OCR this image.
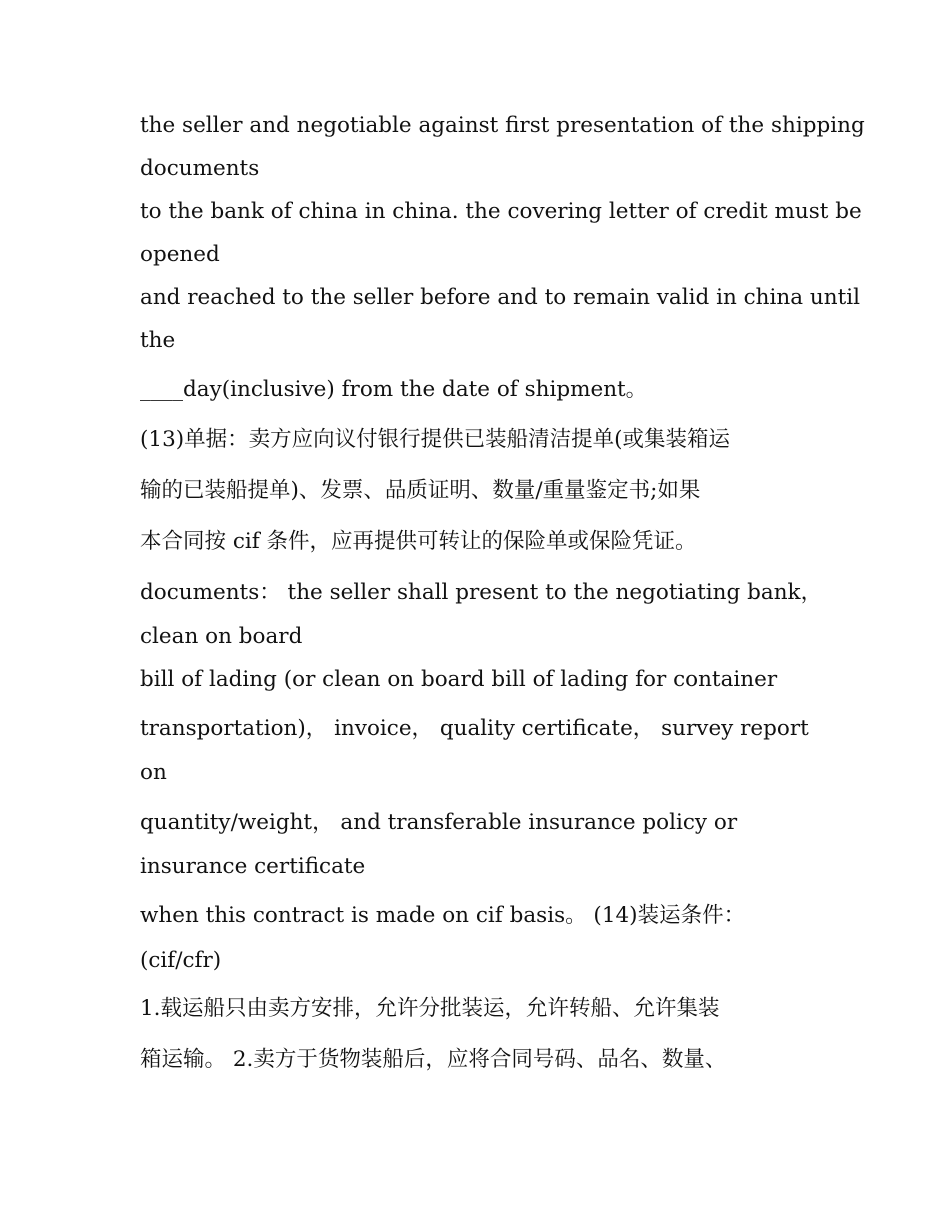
the seller and negotiable against first presentation of the shipping

documents

to the bank of china in china. the covering letter of credit must be

opened

and reached to the seller before and to remain valid in china until

the

____day(inclusive) from the date of shipment。

(13)单据：卖方应向议付银行提供已装船清洁提单(或集装箱运

输的已装船提单)、发票、品质证明、数量/重量鉴定书;如果

本合同按 cif 条件，应再提供可转让的保险单或保险凭证。

documents： the seller shall present to the negotiating bank，

clean on board

bill of lading (or clean on board bill of lading for container

transportation)， invoice， quality certificate， survey report

on

quantity/weight， and transferable insurance policy or

insurance certificate

when this contract is made on cif basis。 (14)装运条件：

(cif/cfr)

1.载运船只由卖方安排，允许分批装运，允许转船、允许集装

箱运输。 2.卖方于货物装船后，应将合同号码、品名、数量、
